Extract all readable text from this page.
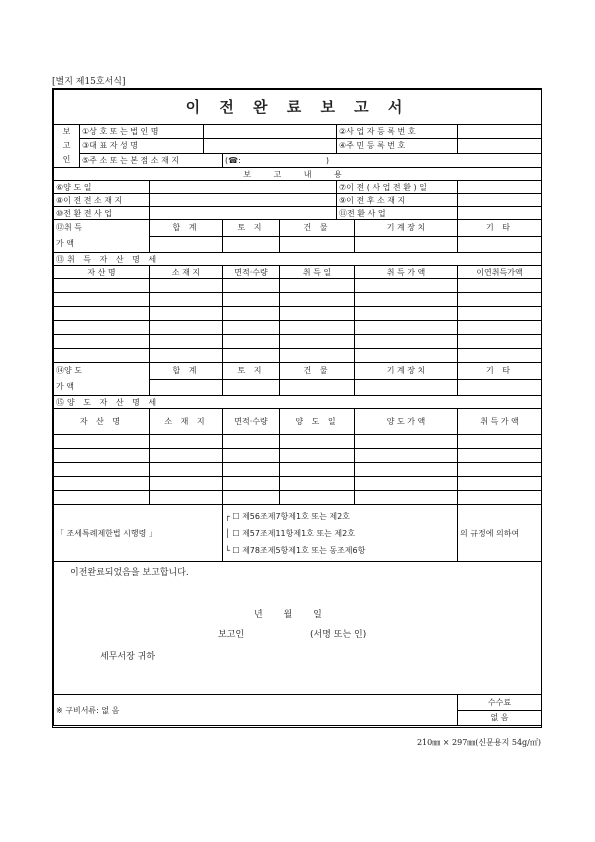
[별지 제15호서식]
이 전 완 료 보 고 서								
보
고
인	①상 호 또 는 법 인 명					②사 업 자 등 록 번 호		
	③대 표 자 성 명					④주 민 등 록 번 호		
	⑤주 소 또 는 본 점 소 재 지			(☎: )				
보 고 내 용								
⑥양 도 일						⑦이 전 ( 사 업 전 환 ) 일		
⑧이 전 전 소 재 지						⑨이 전 후 소 재 지		
⑩전 환 전 사 업						⑪전 환 사 업		
⑫취 득
가 액		합 계		토 지	건 물		기 계 장 치	기 타

⑬취 득 자 산 명 세								
자 산 명		소 재 지		면적·수량	취 득 일		취 득 가 액	이연취득가액

⑭양 도
가 액		합 계		토 지	건 물		기 계 장 치	기 타

⑮양 도 자 산 명 세								
자 산 명		소 재 지		면적·수량	양 도 일		양 도 가 액	취 득 가 액

「 조세특례제한법 시행령 」				┌ ☐ 제56조제7항제1호 또는 제2호
│ ☐ 제57조제11항제1호 또는 제2호
└ ☐ 제78조제5항제1호 또는 동조제6항				의 규정에 의하여

이전완료되었음을 보고합니다.
년 월 일
보고인 (서명 또는 인)
세무서장 귀하								

※ 구비서류: 없 음								수수료
								없 음
210㎜ × 297㎜(신문용지 54g/㎡)
